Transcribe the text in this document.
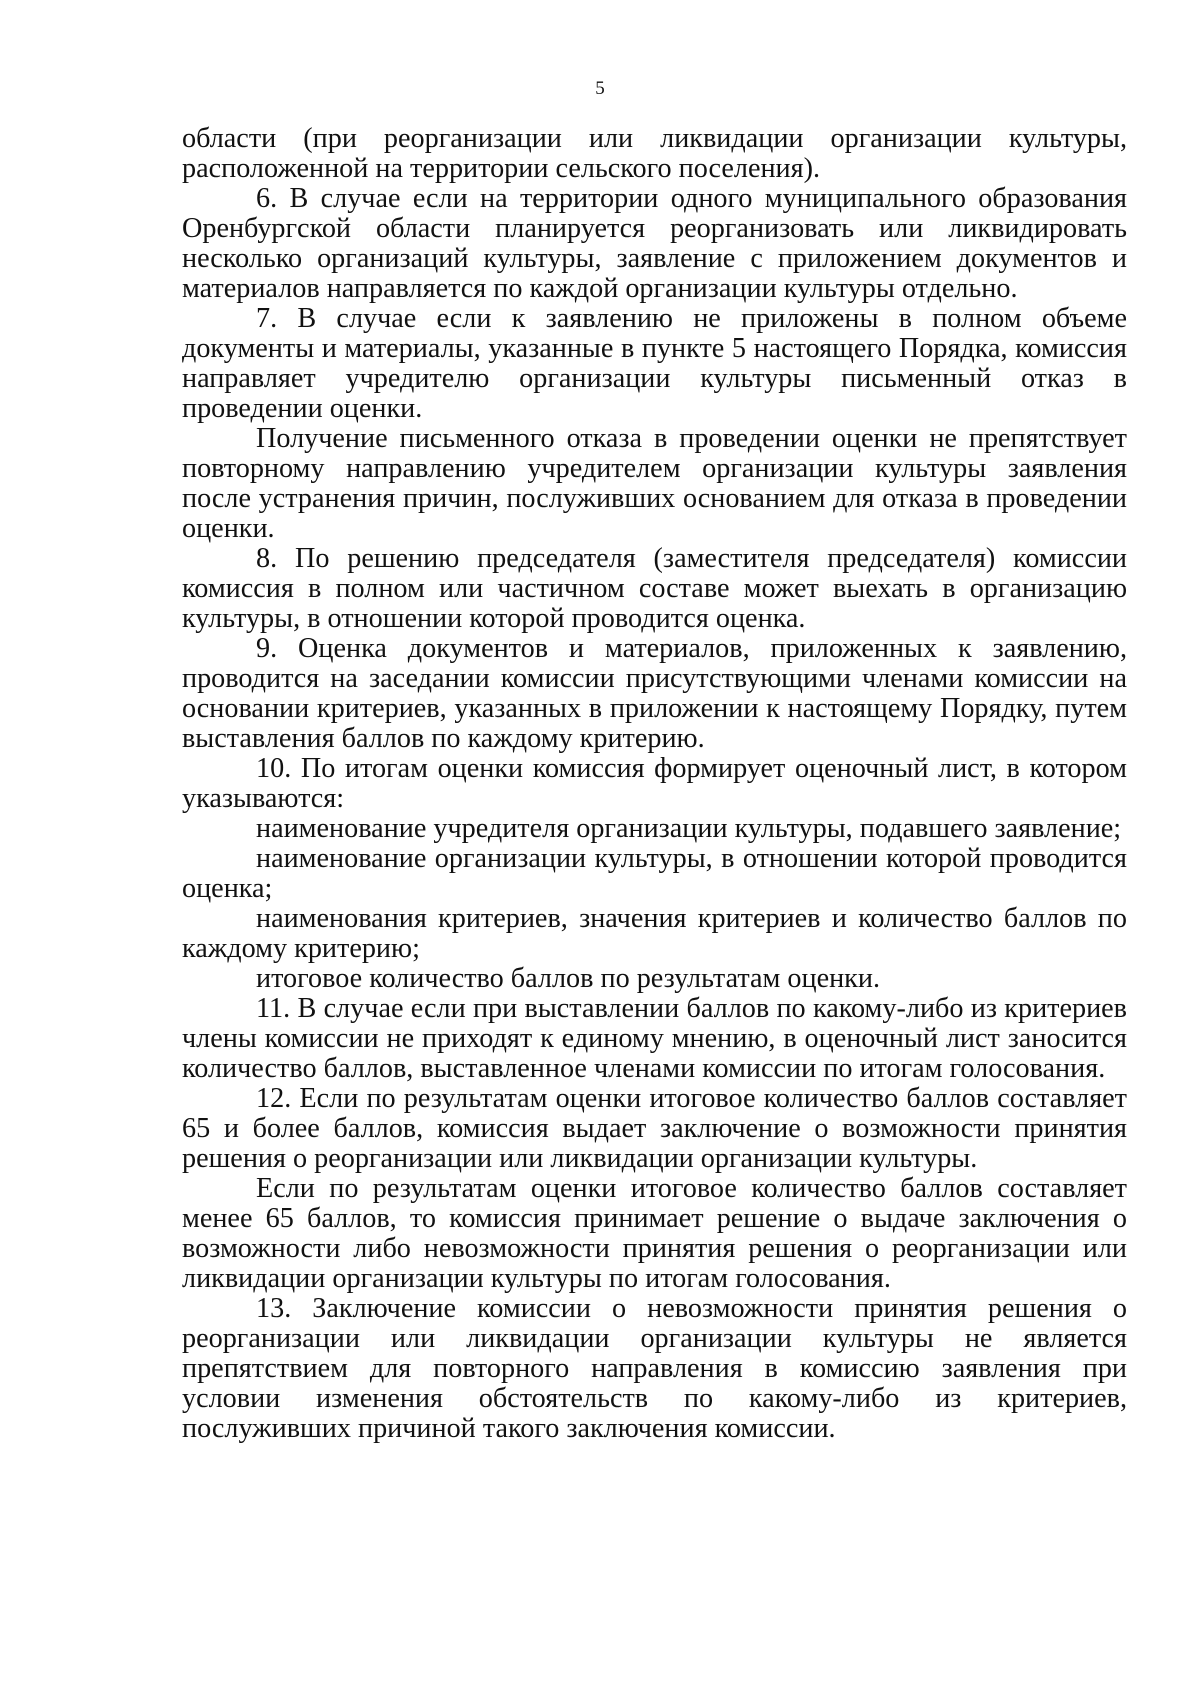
5

области (при реорганизации или ликвидации организации культуры, расположенной на территории сельского поселения).

6. В случае если на территории одного муниципального образования Оренбургской области планируется реорганизовать или ликвидировать несколько организаций культуры, заявление с приложением документов и материалов направляется по каждой организации культуры отдельно.

7. В случае если к заявлению не приложены в полном объеме документы и материалы, указанные в пункте 5 настоящего Порядка, комиссия направляет учредителю организации культуры письменный отказ в проведении оценки.

Получение письменного отказа в проведении оценки не препятствует повторному направлению учредителем организации культуры заявления после устранения причин, послуживших основанием для отказа в проведении оценки.

8. По решению председателя (заместителя председателя) комиссии комиссия в полном или частичном составе может выехать в организацию культуры, в отношении которой проводится оценка.

9. Оценка документов и материалов, приложенных к заявлению, проводится на заседании комиссии присутствующими членами комиссии на основании критериев, указанных в приложении к настоящему Порядку, путем выставления баллов по каждому критерию.

10. По итогам оценки комиссия формирует оценочный лист, в котором указываются:

наименование учредителя организации культуры, подавшего заявление;

наименование организации культуры, в отношении которой проводится оценка;

наименования критериев, значения критериев и количество баллов по каждому критерию;

итоговое количество баллов по результатам оценки.

11. В случае если при выставлении баллов по какому-либо из критериев члены комиссии не приходят к единому мнению, в оценочный лист заносится количество баллов, выставленное членами комиссии по итогам голосования.

12. Если по результатам оценки итоговое количество баллов составляет 65 и более баллов, комиссия выдает заключение о возможности принятия решения о реорганизации или ликвидации организации культуры.

Если по результатам оценки итоговое количество баллов составляет менее 65 баллов, то комиссия принимает решение о выдаче заключения о возможности либо невозможности принятия решения о реорганизации или ликвидации организации культуры по итогам голосования.

13. Заключение комиссии о невозможности принятия решения о реорганизации или ликвидации организации культуры не является препятствием для повторного направления в комиссию заявления при условии изменения обстоятельств по какому-либо из критериев, послуживших причиной такого заключения комиссии.
